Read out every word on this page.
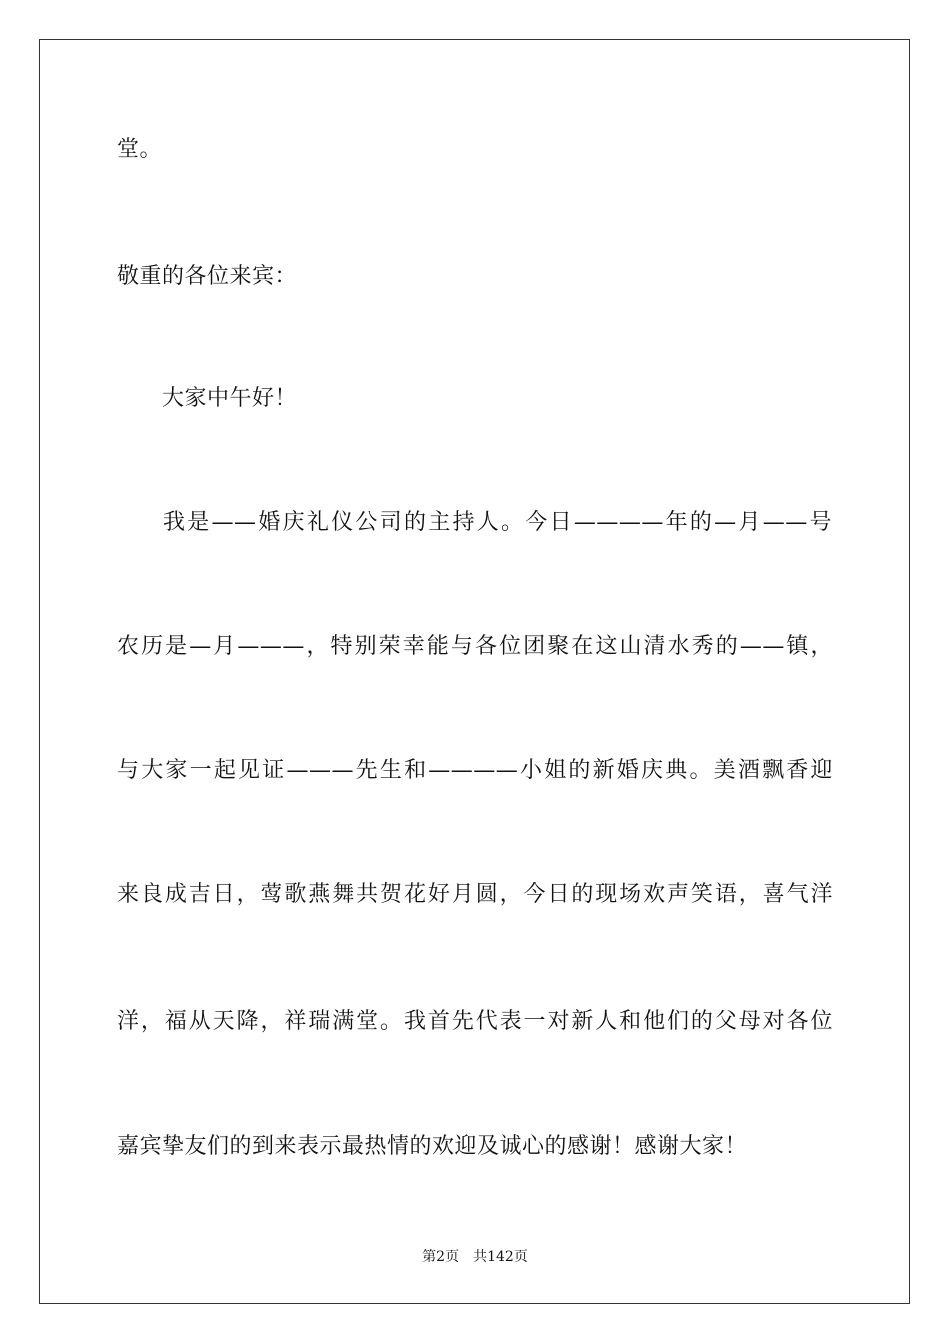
堂。
敬重的各位来宾：
大家中午好！
我是——婚庆礼仪公司的主持人。今日————年的—月——号
农历是—月———，特别荣幸能与各位团聚在这山清水秀的——镇，
与大家一起见证———先生和————小姐的新婚庆典。美酒飘香迎
来良成吉日，莺歌燕舞共贺花好月圆，今日的现场欢声笑语，喜气洋
洋，福从天降，祥瑞满堂。我首先代表一对新人和他们的父母对各位
嘉宾挚友们的到来表示最热情的欢迎及诚心的感谢！感谢大家！
第2页 共142页
